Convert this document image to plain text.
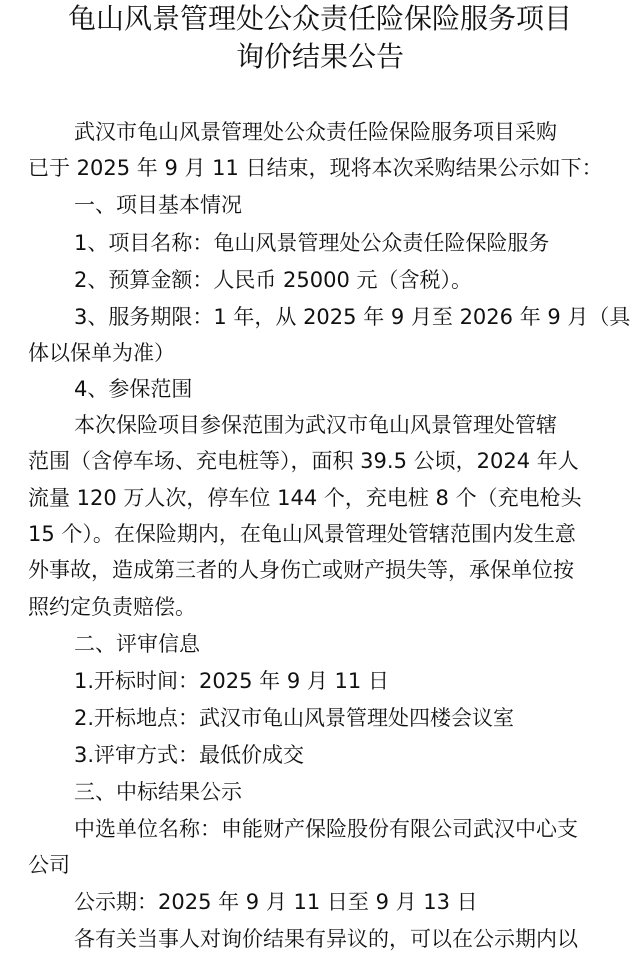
龟山风景管理处公众责任险保险服务项目
询价结果公告

武汉市龟山风景管理处公众责任险保险服务项目采购

已于 2025 年 9 月 11 日结束，现将本次采购结果公示如下：

一、项目基本情况

1、项目名称：龟山风景管理处公众责任险保险服务

2、预算金额：人民币 25000 元（含税）。

3、服务期限：1 年，从 2025 年 9 月至 2026 年 9 月（具

体以保单为准）

4、参保范围

本次保险项目参保范围为武汉市龟山风景管理处管辖

范围（含停车场、充电桩等），面积 39.5 公顷，2024 年人

流量 120 万人次，停车位 144 个，充电桩 8 个（充电枪头

15 个）。在保险期内，在龟山风景管理处管辖范围内发生意

外事故，造成第三者的人身伤亡或财产损失等，承保单位按

照约定负责赔偿。

二、评审信息

1.开标时间：2025 年 9 月 11 日

2.开标地点：武汉市龟山风景管理处四楼会议室

3.评审方式：最低价成交

三、中标结果公示

中选单位名称：申能财产保险股份有限公司武汉中心支

公司

公示期：2025 年 9 月 11 日至 9 月 13 日

各有关当事人对询价结果有异议的，可以在公示期内以
